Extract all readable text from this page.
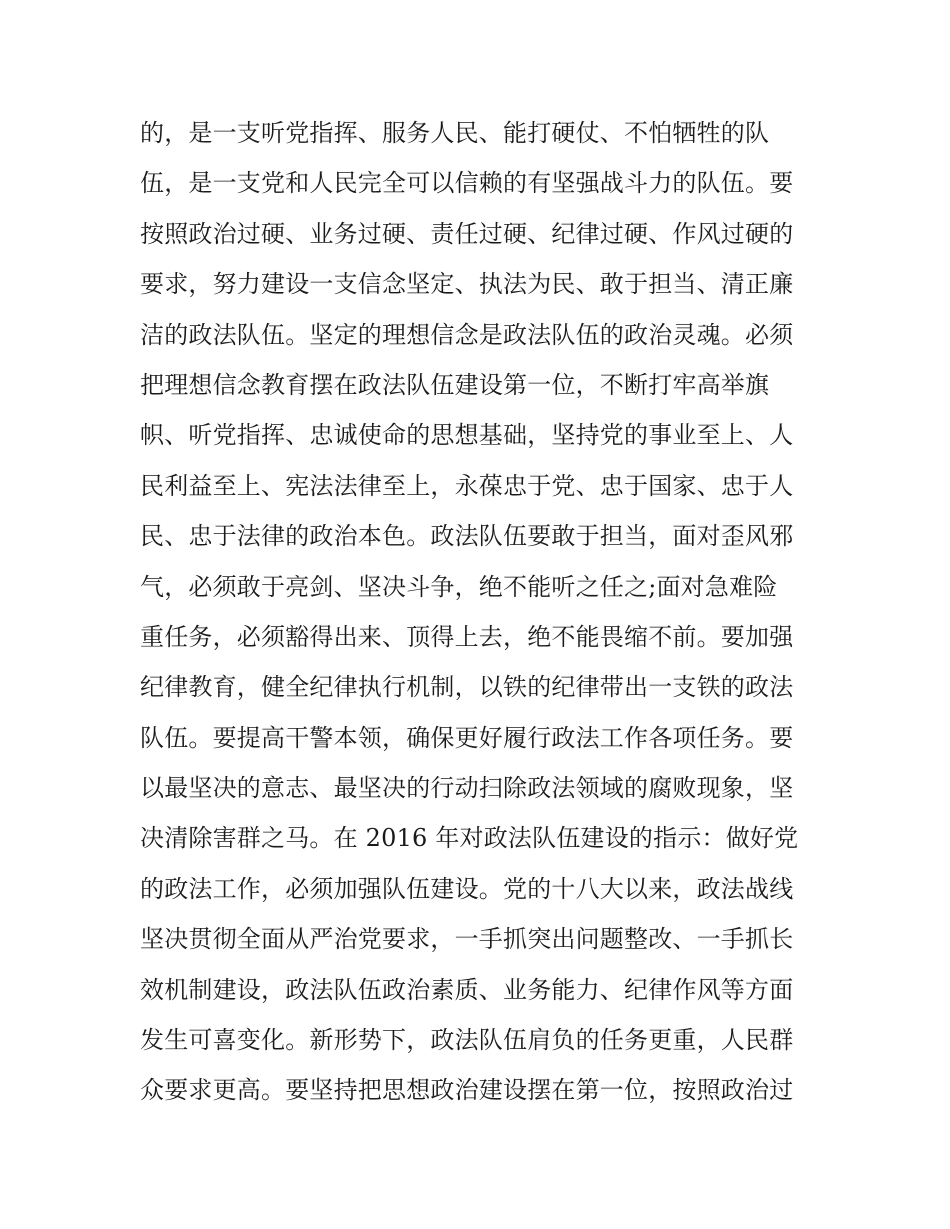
的，是一支听党指挥、服务人民、能打硬仗、不怕牺牲的队
伍，是一支党和人民完全可以信赖的有坚强战斗力的队伍。要
按照政治过硬、业务过硬、责任过硬、纪律过硬、作风过硬的
要求，努力建设一支信念坚定、执法为民、敢于担当、清正廉
洁的政法队伍。坚定的理想信念是政法队伍的政治灵魂。必须
把理想信念教育摆在政法队伍建设第一位，不断打牢高举旗
帜、听党指挥、忠诚使命的思想基础，坚持党的事业至上、人
民利益至上、宪法法律至上，永葆忠于党、忠于国家、忠于人
民、忠于法律的政治本色。政法队伍要敢于担当，面对歪风邪
气，必须敢于亮剑、坚决斗争，绝不能听之任之;面对急难险
重任务，必须豁得出来、顶得上去，绝不能畏缩不前。要加强
纪律教育，健全纪律执行机制，以铁的纪律带出一支铁的政法
队伍。要提高干警本领，确保更好履行政法工作各项任务。要
以最坚决的意志、最坚决的行动扫除政法领域的腐败现象，坚
决清除害群之马。在 2016 年对政法队伍建设的指示：做好党
的政法工作，必须加强队伍建设。党的十八大以来，政法战线
坚决贯彻全面从严治党要求，一手抓突出问题整改、一手抓长
效机制建设，政法队伍政治素质、业务能力、纪律作风等方面
发生可喜变化。新形势下，政法队伍肩负的任务更重，人民群
众要求更高。要坚持把思想政治建设摆在第一位，按照政治过
